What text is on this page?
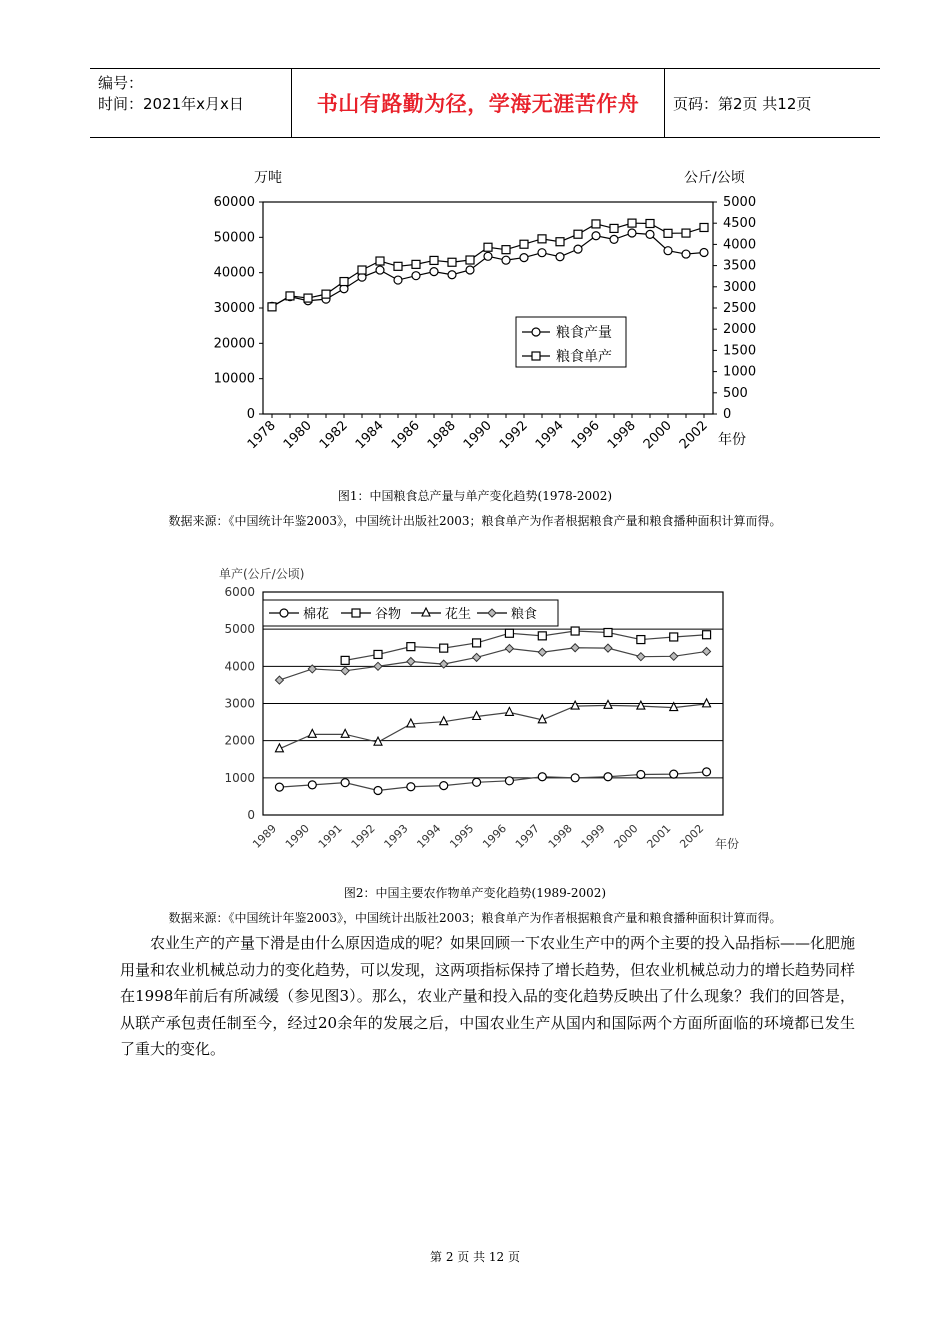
编号：
时间：2021年x月x日	书山有路勤为径，学海无涯苦作舟	页码：第2页 共12页
万吨	公斤/公顷
0
10000
20000
30000
40000
50000
60000
0
500
1000
1500
2000
2500
3000
3500
4000
4500
5000
1978 1980 1982 1984 1986 1988 1990 1992 1994 1996 1998 2000 2002 年份
粮食产量
粮食单产
图1：中国粮食总产量与单产变化趋势(1978-2002)
数据来源：《中国统计年鉴2003》，中国统计出版社2003；粮食单产为作者根据粮食产量和粮食播种面积计算而得。
单产(公斤/公顷)
0
1000
2000
3000
4000
5000
6000
1989 1990 1991 1992 1993 1994 1995 1996 1997 1998 1999 2000 2001 2002 年份
棉花	谷物	花生	粮食
图2：中国主要农作物单产变化趋势(1989-2002)
数据来源：《中国统计年鉴2003》，中国统计出版社2003；粮食单产为作者根据粮食产量和粮食播种面积计算而得。

农业生产的产量下滑是由什么原因造成的呢？如果回顾一下农业生产中的两个主要的投入品指标——化肥施用量和农业机械总动力的变化趋势，可以发现，这两项指标保持了增长趋势，但农业机械总动力的增长趋势同样在1998年前后有所减缓（参见图3）。那么，农业产量和投入品的变化趋势反映出了什么现象？我们的回答是，从联产承包责任制至今，经过20余年的发展之后，中国农业生产从国内和国际两个方面所面临的环境都已发生了重大的变化。

第 2 页 共 12 页
